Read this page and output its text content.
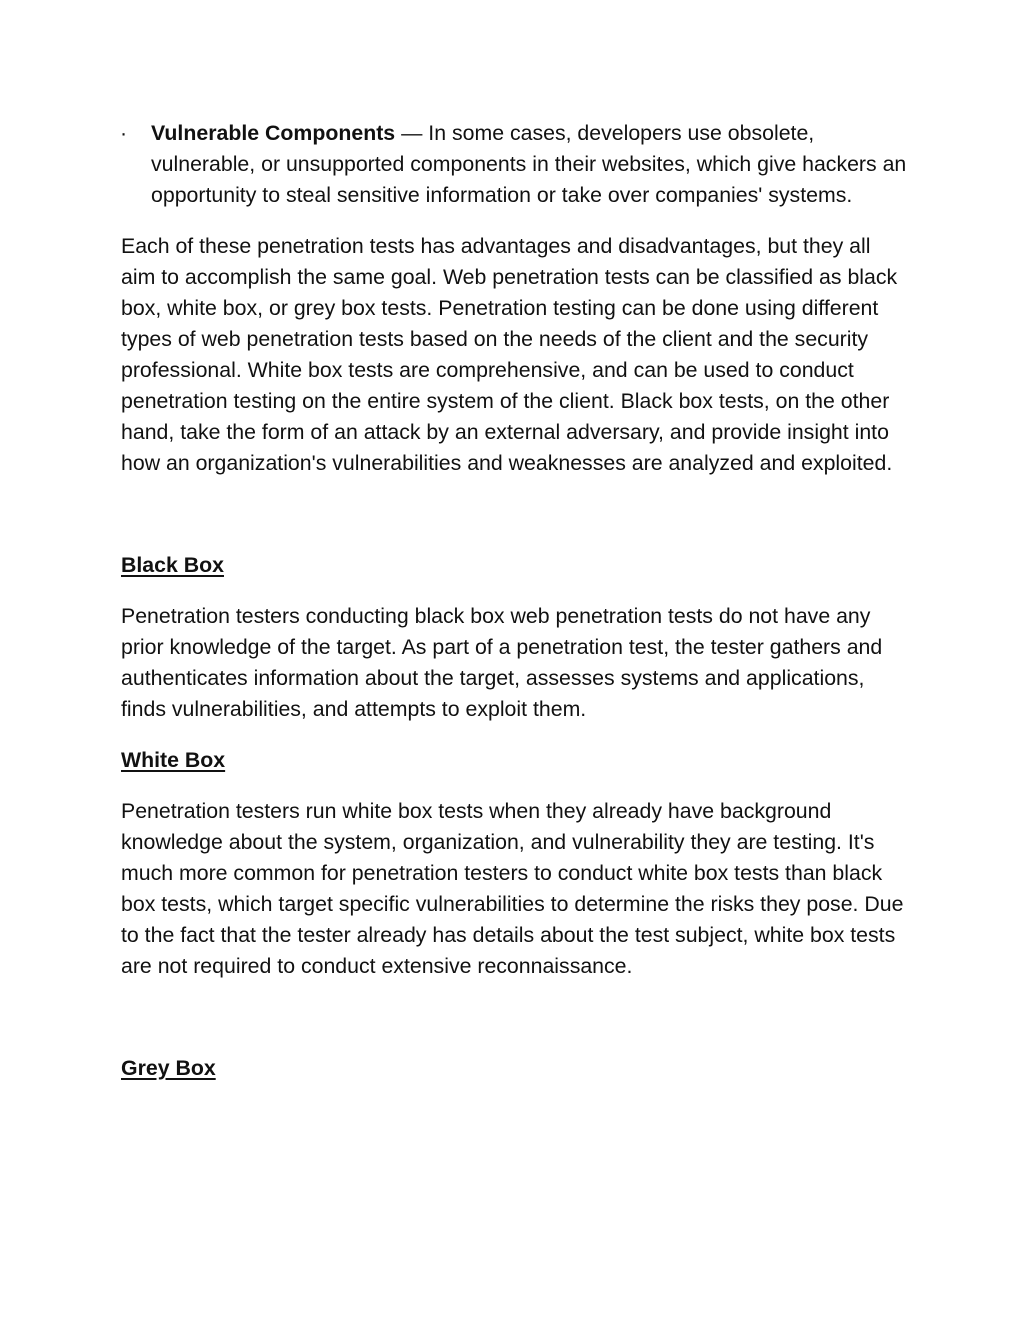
·	Vulnerable Components — In some cases, developers use obsolete, vulnerable, or unsupported components in their websites, which give hackers an opportunity to steal sensitive information or take over companies' systems.

Each of these penetration tests has advantages and disadvantages, but they all aim to accomplish the same goal. Web penetration tests can be classified as black box, white box, or grey box tests. Penetration testing can be done using different types of web penetration tests based on the needs of the client and the security professional. White box tests are comprehensive, and can be used to conduct penetration testing on the entire system of the client. Black box tests, on the other hand, take the form of an attack by an external adversary, and provide insight into how an organization's vulnerabilities and weaknesses are analyzed and exploited.

Black Box

Penetration testers conducting black box web penetration tests do not have any prior knowledge of the target. As part of a penetration test, the tester gathers and authenticates information about the target, assesses systems and applications, finds vulnerabilities, and attempts to exploit them.

White Box

Penetration testers run white box tests when they already have background knowledge about the system, organization, and vulnerability they are testing. It's much more common for penetration testers to conduct white box tests than black box tests, which target specific vulnerabilities to determine the risks they pose. Due to the fact that the tester already has details about the test subject, white box tests are not required to conduct extensive reconnaissance.

Grey Box
